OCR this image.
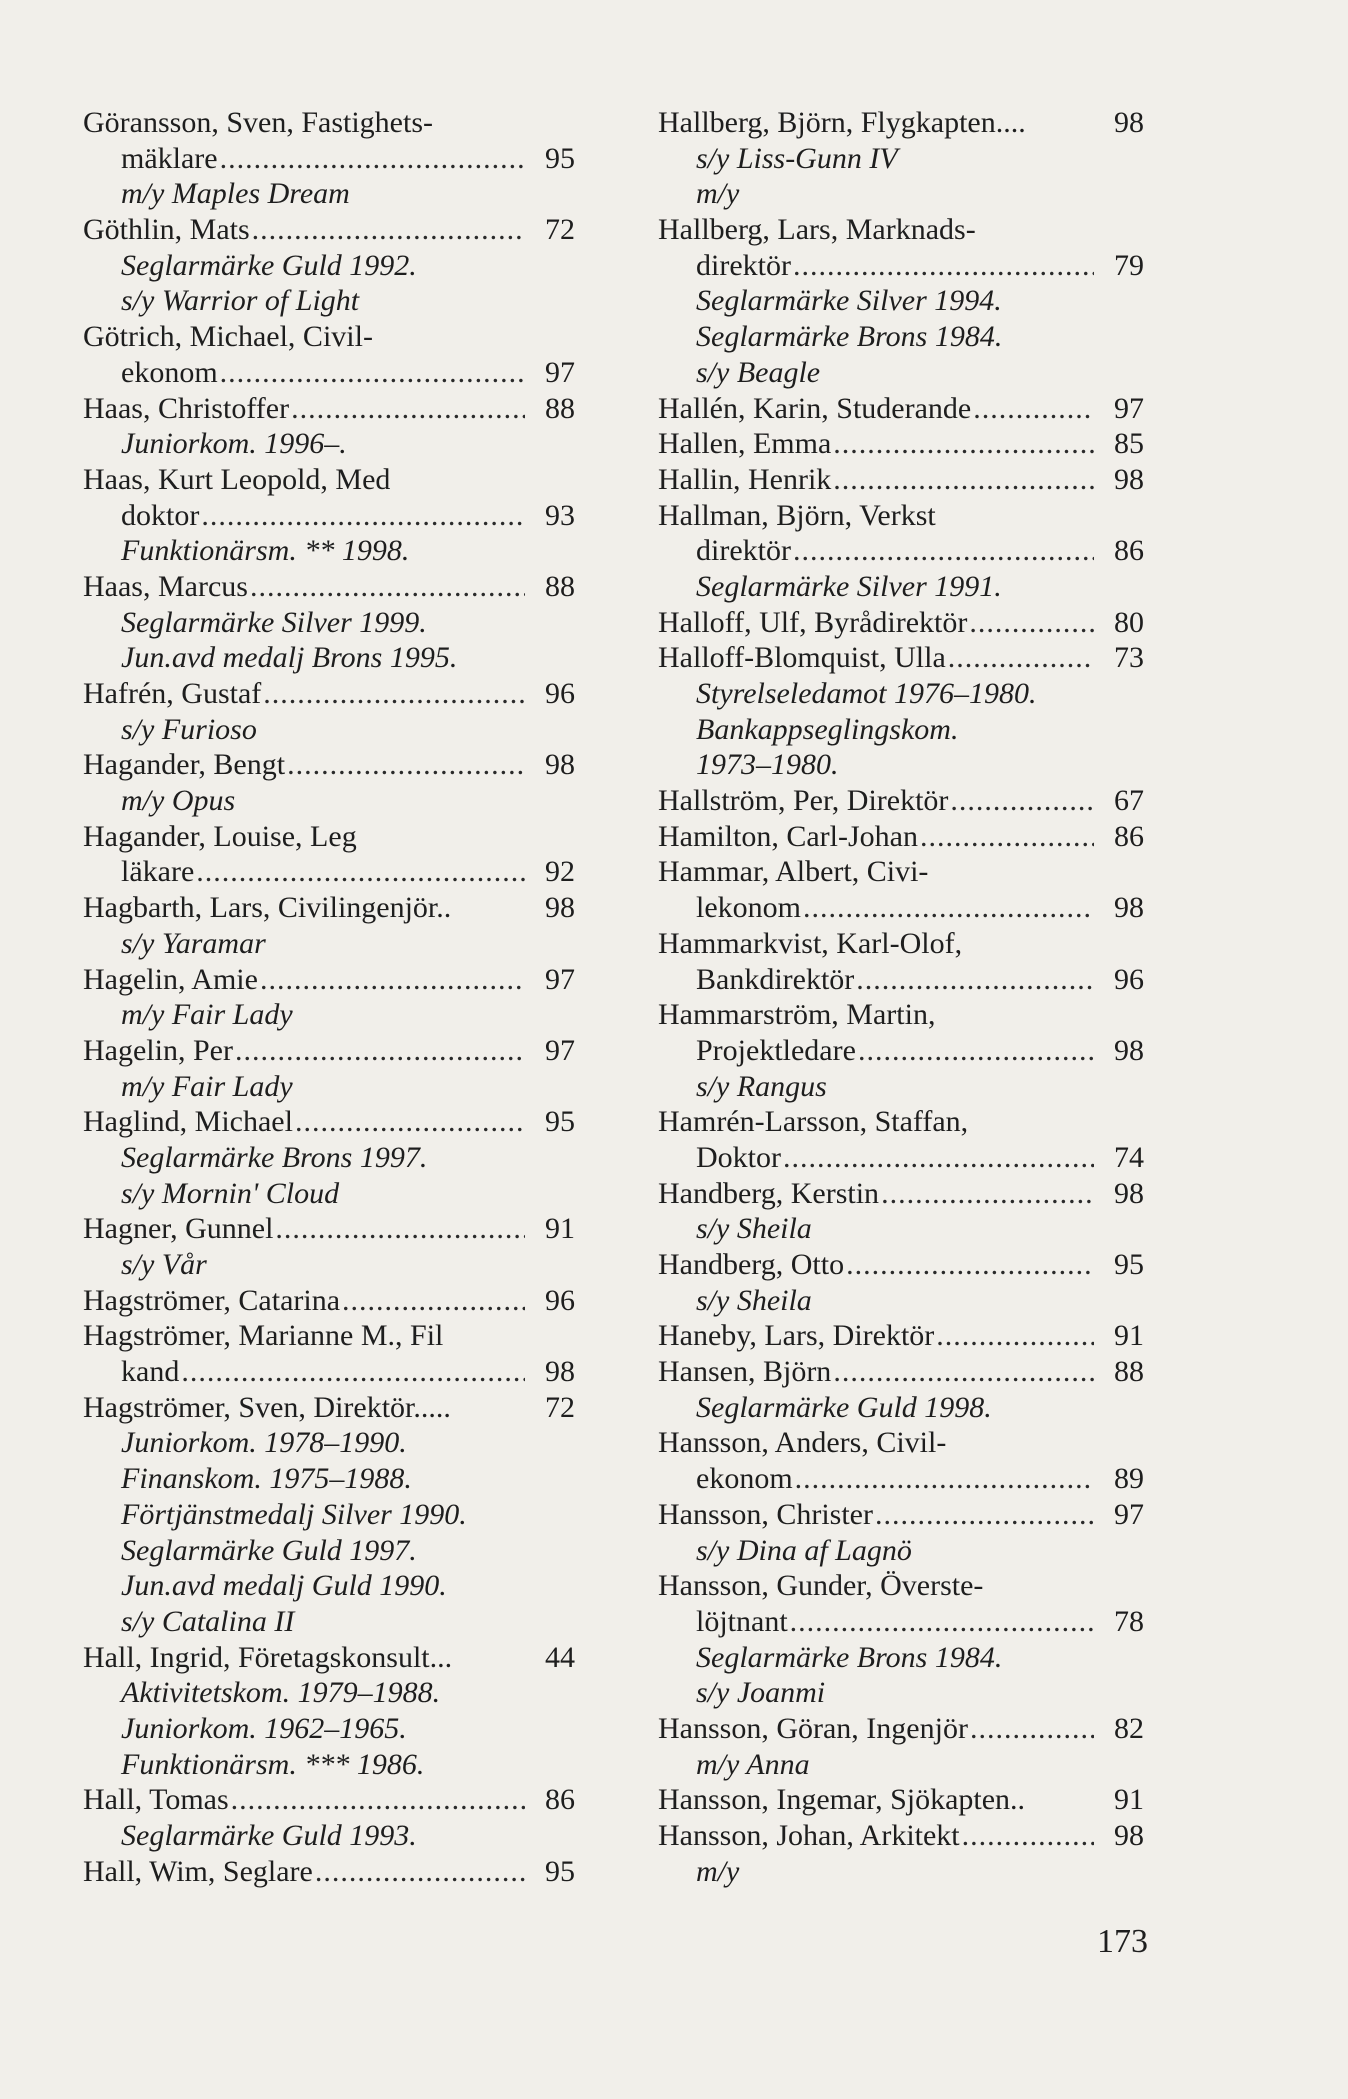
Göransson, Sven, Fastighets-
mäklare .....	95
m/y Maples Dream
Göthlin, Mats .....	72
Seglarmärke Guld 1992.
s/y Warrior of Light
Götrich, Michael, Civil-
ekonom .....	97
Haas, Christoffer .....	88
Juniorkom. 1996–.
Haas, Kurt Leopold, Med
doktor .....	93
Funktionärsm. ** 1998.
Haas, Marcus .....	88
Seglarmärke Silver 1999.
Jun.avd medalj Brons 1995.
Hafrén, Gustaf .....	96
s/y Furioso
Hagander, Bengt .....	98
m/y Opus
Hagander, Louise, Leg
läkare .....	92
Hagbarth, Lars, Civilingenjör..	98
s/y Yaramar
Hagelin, Amie .....	97
m/y Fair Lady
Hagelin, Per .....	97
m/y Fair Lady
Haglind, Michael .....	95
Seglarmärke Brons 1997.
s/y Mornin' Cloud
Hagner, Gunnel .....	91
s/y Vår
Hagströmer, Catarina .....	96
Hagströmer, Marianne M., Fil
kand .....	98
Hagströmer, Sven, Direktör.....	72
Juniorkom. 1978–1990.
Finanskom. 1975–1988.
Förtjänstmedalj Silver 1990.
Seglarmärke Guld 1997.
Jun.avd medalj Guld 1990.
s/y Catalina II
Hall, Ingrid, Företagskonsult...	44
Aktivitetskom. 1979–1988.
Juniorkom. 1962–1965.
Funktionärsm. *** 1986.
Hall, Tomas .....	86
Seglarmärke Guld 1993.
Hall, Wim, Seglare .....	95
Hallberg, Björn, Flygkapten....	98
s/y Liss-Gunn IV
m/y
Hallberg, Lars, Marknads-
direktör .....	79
Seglarmärke Silver 1994.
Seglarmärke Brons 1984.
s/y Beagle
Hallén, Karin, Studerande .....	97
Hallen, Emma .....	85
Hallin, Henrik .....	98
Hallman, Björn, Verkst
direktör .....	86
Seglarmärke Silver 1991.
Halloff, Ulf, Byrådirektör .....	80
Halloff-Blomquist, Ulla .....	73
Styrelseledamot 1976–1980.
Bankappseglingskom.
1973–1980.
Hallström, Per, Direktör .....	67
Hamilton, Carl-Johan .....	86
Hammar, Albert, Civi-
lekonom .....	98
Hammarkvist, Karl-Olof,
Bankdirektör .....	96
Hammarström, Martin,
Projektledare .....	98
s/y Rangus
Hamrén-Larsson, Staffan,
Doktor .....	74
Handberg, Kerstin .....	98
s/y Sheila
Handberg, Otto .....	95
s/y Sheila
Haneby, Lars, Direktör .....	91
Hansen, Björn .....	88
Seglarmärke Guld 1998.
Hansson, Anders, Civil-
ekonom .....	89
Hansson, Christer .....	97
s/y Dina af Lagnö
Hansson, Gunder, Överste-
löjtnant .....	78
Seglarmärke Brons 1984.
s/y Joanmi
Hansson, Göran, Ingenjör .....	82
m/y Anna
Hansson, Ingemar, Sjökapten..	91
Hansson, Johan, Arkitekt .....	98
m/y
173
